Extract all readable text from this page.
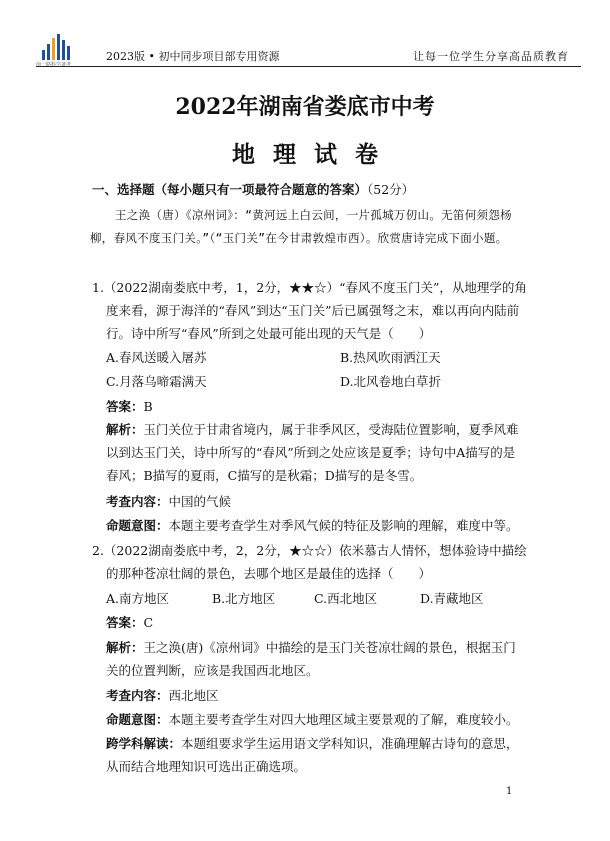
南一路科学备考
2023版 • 初中同步项目部专用资源	让每一位学生分享高品质教育
2022年湖南省娄底市中考
地理试卷
一、选择题（每小题只有一项最符合题意的答案）（52分）
王之涣（唐）《凉州词》：“黄河远上白云间，一片孤城万仞山。无笛何须怨杨柳，春风不度玉门关。”（“玉门关”在今甘肃敦煌市西）。欣赏唐诗完成下面小题。
1.（2022湖南娄底中考，1，2分，★★☆）“春风不度玉门关”，从地理学的角度来看，源于海洋的“春风”到达“玉门关”后已属强弩之末，难以再向内陆前行。诗中所写“春风”所到之处最可能出现的天气是（　　）
A.春风送暖入屠苏	B.热风吹雨洒江天
C.月落乌啼霜满天	D.北风卷地白草折
答案：B
解析：玉门关位于甘肃省境内，属于非季风区，受海陆位置影响，夏季风难以到达玉门关，诗中所写的“春风”所到之处应该是夏季；诗句中A描写的是春风；B描写的夏雨，C描写的是秋霜；D描写的是冬雪。
考查内容：中国的气候
命题意图：本题主要考查学生对季风气候的特征及影响的理解，难度中等。
2.（2022湖南娄底中考，2，2分，★☆☆）依米慕古人情怀，想体验诗中描绘的那种苍凉壮阔的景色，去哪个地区是最佳的选择（　　）
A.南方地区	B.北方地区	C.西北地区	D.青藏地区
答案：C
解析：王之涣(唐)《凉州词》中描绘的是玉门关苍凉壮阔的景色，根据玉门关的位置判断，应该是我国西北地区。
考查内容：西北地区
命题意图：本题主要考查学生对四大地理区域主要景观的了解，难度较小。
跨学科解读：本题组要求学生运用语文学科知识，准确理解古诗句的意思，从而结合地理知识可选出正确选项。
1
